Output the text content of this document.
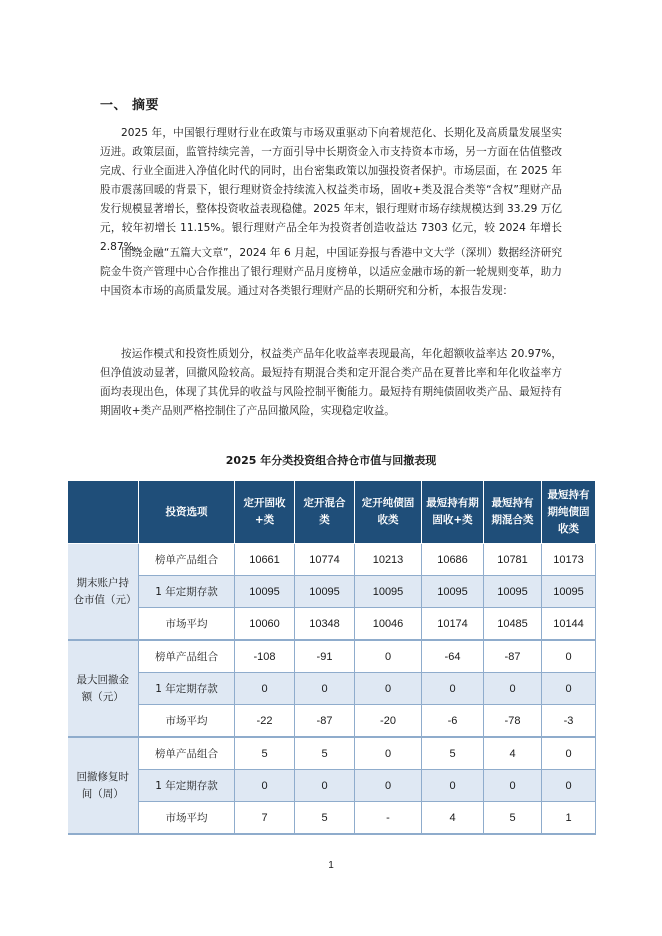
一、 摘要

2025 年，中国银行理财行业在政策与市场双重驱动下向着规范化、长期化及高质量发展坚实迈进。政策层面，监管持续完善，一方面引导中长期资金入市支持资本市场，另一方面在估值整改完成、行业全面进入净值化时代的同时，出台密集政策以加强投资者保护。市场层面，在 2025 年股市震荡回暖的背景下，银行理财资金持续流入权益类市场，固收+类及混合类等“含权”理财产品发行规模显著增长，整体投资收益表现稳健。2025 年末，银行理财市场存续规模达到 33.29 万亿元，较年初增长 11.15%。银行理财产品全年为投资者创造收益达 7303 亿元，较 2024 年增长 2.87%。

围绕金融“五篇大文章”，2024 年 6 月起，中国证券报与香港中文大学（深圳）数据经济研究院金牛资产管理中心合作推出了银行理财产品月度榜单，以适应金融市场的新一轮规则变革，助力中国资本市场的高质量发展。通过对各类银行理财产品的长期研究和分析，本报告发现：

按运作模式和投资性质划分，权益类产品年化收益率表现最高，年化超额收益率达 20.97%，但净值波动显著，回撤风险较高。最短持有期混合类和定开混合类产品在夏普比率和年化收益率方面均表现出色，体现了其优异的收益与风险控制平衡能力。最短持有期纯债固收类产品、最短持有期固收+类产品则严格控制住了产品回撤风险，实现稳定收益。

2025 年分类投资组合持仓市值与回撤表现
	投资选项	定开固收+类	定开混合类	定开纯债固收类	最短持有期固收+类	最短持有期混合类	最短持有期纯债固收类
期末账户持仓市值（元）	榜单产品组合	10661	10774	10213	10686	10781	10173
	1 年定期存款	10095	10095	10095	10095	10095	10095
	市场平均	10060	10348	10046	10174	10485	10144
最大回撤金额（元）	榜单产品组合	-108	-91	0	-64	-87	0
	1 年定期存款	0	0	0	0	0	0
	市场平均	-22	-87	-20	-6	-78	-3
回撤修复时间（周）	榜单产品组合	5	5	0	5	4	0
	1 年定期存款	0	0	0	0	0	0
	市场平均	7	5	-	4	5	1
1
